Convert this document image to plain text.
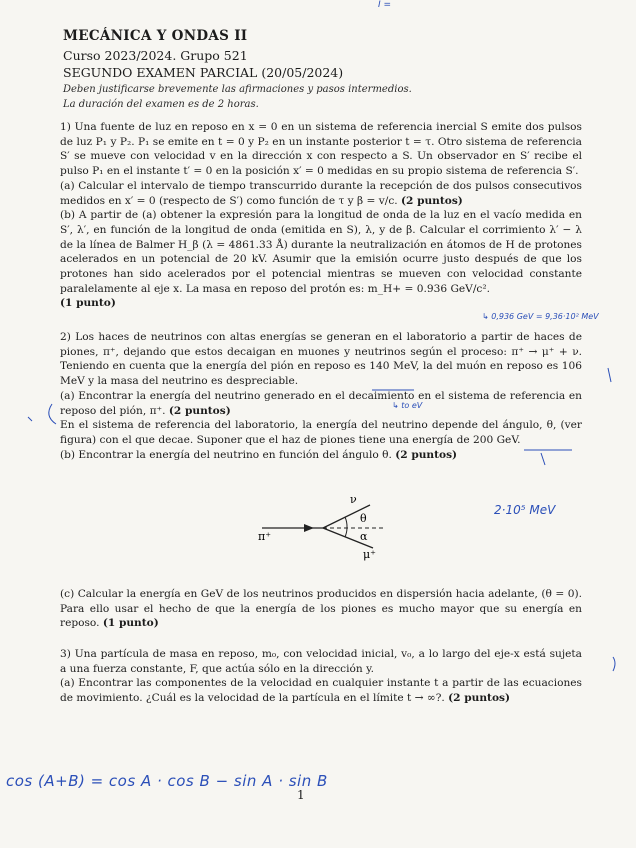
MECÁNICA Y ONDAS II
Curso 2023/2024. Grupo 521
SEGUNDO EXAMEN PARCIAL (20/05/2024)
Deben justificarse brevemente las afirmaciones y pasos intermedios.
La duración del examen es de 2 horas.

1) Una fuente de luz en reposo en x = 0 en un sistema de referencia inercial S emite dos pulsos de luz P₁ y P₂. P₁ se emite en t = 0 y P₂ en un instante posterior t = τ. Otro sistema de referencia S′ se mueve con velocidad v en la dirección x con respecto a S. Un observador en S′ recibe el pulso P₁ en el instante t′ = 0 en la posición x′ = 0 medidas en su propio sistema de referencia S′.

(a) Calcular el intervalo de tiempo transcurrido durante la recepción de dos pulsos consecutivos medidos en x′ = 0 (respecto de S′) como función de τ y β = v/c. (2 puntos)

(b) A partir de (a) obtener la expresión para la longitud de onda de la luz en el vacío medida en S′, λ′, en función de la longitud de onda (emitida en S), λ, y de β. Calcular el corrimiento λ′ − λ de la línea de Balmer H_β (λ = 4861.33 Å) durante la neutralización en átomos de H de protones acelerados en un potencial de 20 kV. Asumir que la emisión ocurre justo después de que los protones han sido acelerados por el potencial mientras se mueven con velocidad constante paralelamente al eje x. La masa en reposo del protón es: m_H+ = 0.936 GeV/c².
(1 punto)

2) Los haces de neutrinos con altas energías se generan en el laboratorio a partir de haces de piones, π⁺, dejando que estos decaigan en muones y neutrinos según el proceso: π⁺ → μ⁺ + ν. Teniendo en cuenta que la energía del pión en reposo es 140 MeV, la del muón en reposo es 106 MeV y la masa del neutrino es despreciable.

(a) Encontrar la energía del neutrino generado en el decaimiento en el sistema de referencia en reposo del pión, π⁺. (2 puntos)

En el sistema de referencia del laboratorio, la energía del neutrino depende del ángulo, θ, (ver figura) con el que decae. Suponer que el haz de piones tiene una energía de 200 GeV.

(b) Encontrar la energía del neutrino en función del ángulo θ. (2 puntos)

π⁺
ν
θ
α
μ⁺

(c) Calcular la energía en GeV de los neutrinos producidos en dispersión hacia adelante, (θ = 0). Para ello usar el hecho de que la energía de los piones es mucho mayor que su energía en reposo. (1 punto)

3) Una partícula de masa en reposo, m₀, con velocidad inicial, v₀, a lo largo del eje-x está sujeta a una fuerza constante, F, que actúa sólo en la dirección y.

(a) Encontrar las componentes de la velocidad en cualquier instante t a partir de las ecuaciones de movimiento. ¿Cuál es la velocidad de la partícula en el límite t → ∞?. (2 puntos)

I =
↳ 0,936 GeV = 9,36·10² MeV
↳ to eV
2·10⁵ MeV
cos (A+B) = cos A · cos B − sin A · sin B
1
